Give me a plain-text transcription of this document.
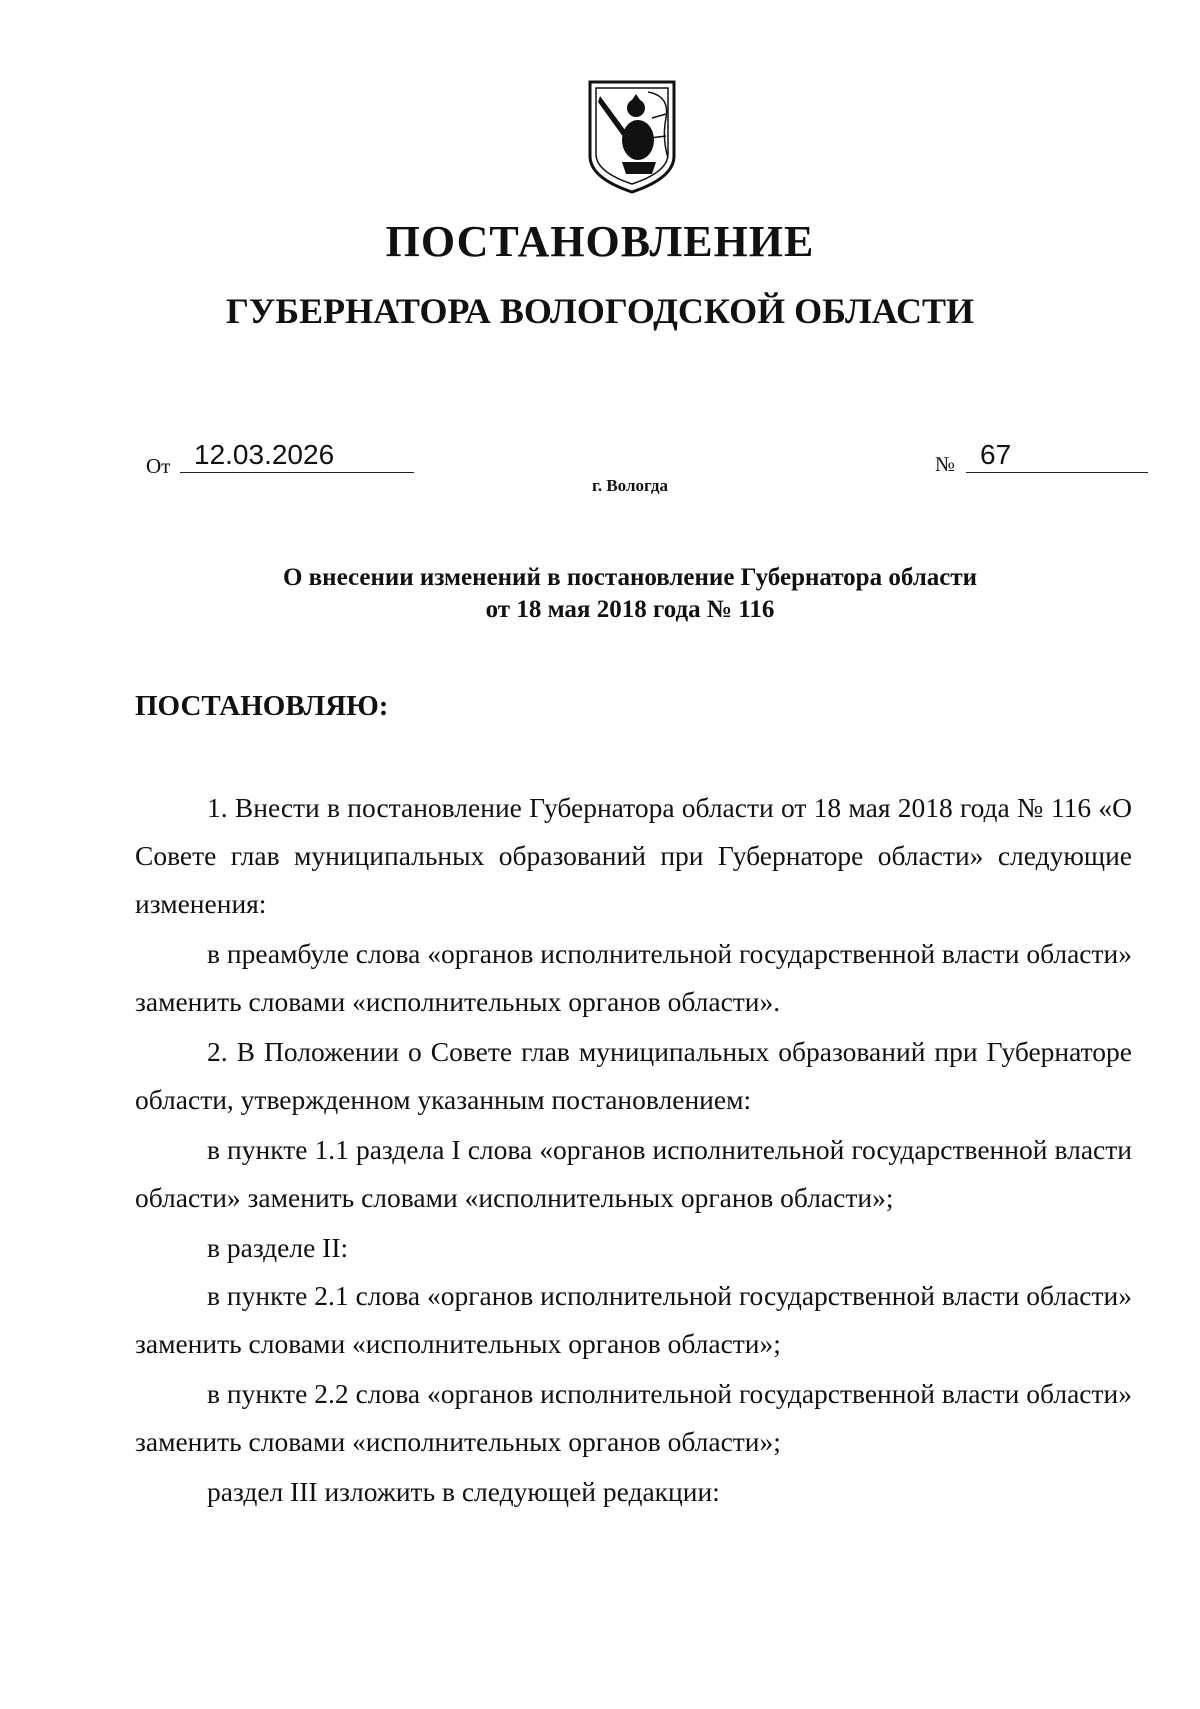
ПОСТАНОВЛЕНИЕ
ГУБЕРНАТОРА ВОЛОГОДСКОЙ ОБЛАСТИ
От 12.03.2026	№ 67
г. Вологда
О внесении изменений в постановление Губернатора области
от 18 мая 2018 года № 116

ПОСТАНОВЛЯЮ:

1. Внести в постановление Губернатора области от 18 мая 2018 года № 116 «О Совете глав муниципальных образований при Губернаторе области» следующие изменения:

в преамбуле слова «органов исполнительной государственной власти области» заменить словами «исполнительных органов области».

2. В Положении о Совете глав муниципальных образований при Губернаторе области, утвержденном указанным постановлением:

в пункте 1.1 раздела I слова «органов исполнительной государственной власти области» заменить словами «исполнительных органов области»;

в разделе II:

в пункте 2.1 слова «органов исполнительной государственной власти области» заменить словами «исполнительных органов области»;

в пункте 2.2 слова «органов исполнительной государственной власти области» заменить словами «исполнительных органов области»;

раздел III изложить в следующей редакции:
